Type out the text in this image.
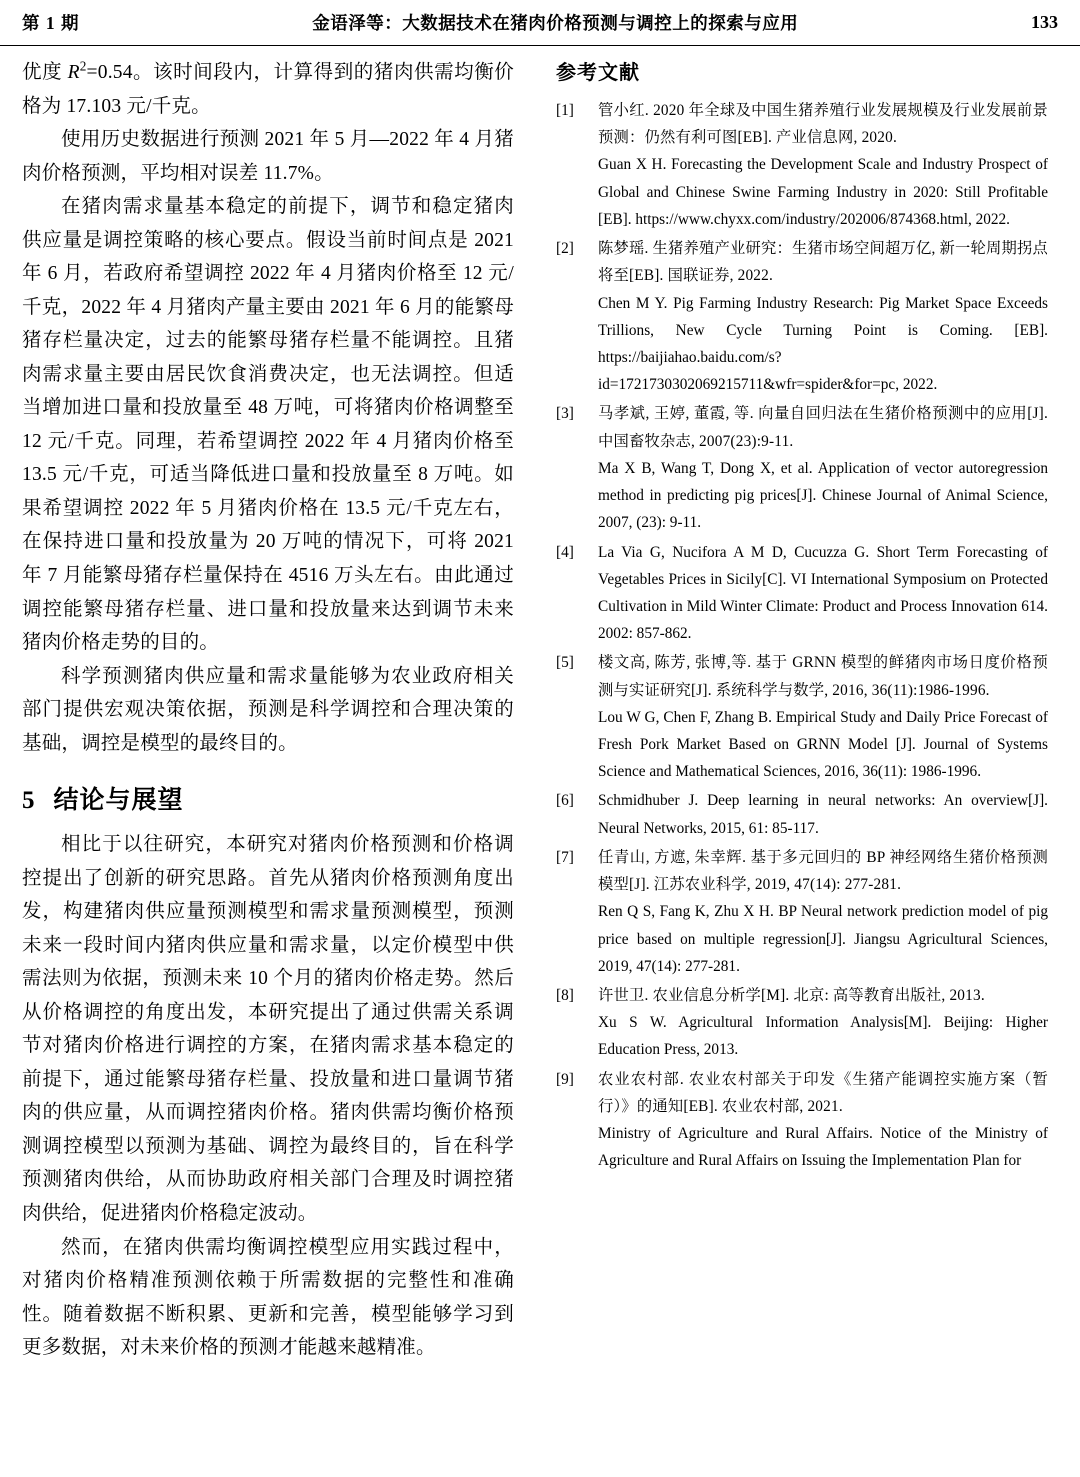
第 1 期	金语泽等：大数据技术在猪肉价格预测与调控上的探索与应用	133

优度 $R^2=0.54$。该时间段内，计算得到的猪肉供需均衡价格为 17.103 元/千克。

使用历史数据进行预测 2021 年 5 月—2022 年 4 月猪肉价格预测，平均相对误差 11.7%。

在猪肉需求量基本稳定的前提下，调节和稳定猪肉供应量是调控策略的核心要点。假设当前时间点是 2021 年 6 月，若政府希望调控 2022 年 4 月猪肉价格至 12 元/千克，2022 年 4 月猪肉产量主要由 2021 年 6 月的能繁母猪存栏量决定，过去的能繁母猪存栏量不能调控。且猪肉需求量主要由居民饮食消费决定，也无法调控。但适当增加进口量和投放量至 48 万吨，可将猪肉价格调整至 12 元/千克。同理，若希望调控 2022 年 4 月猪肉价格至 13.5 元/千克，可适当降低进口量和投放量至 8 万吨。如果希望调控 2022 年 5 月猪肉价格在 13.5 元/千克左右，在保持进口量和投放量为 20 万吨的情况下，可将 2021 年 7 月能繁母猪存栏量保持在 4516 万头左右。由此通过调控能繁母猪存栏量、进口量和投放量来达到调节未来猪肉价格走势的目的。

科学预测猪肉供应量和需求量能够为农业政府相关部门提供宏观决策依据，预测是科学调控和合理决策的基础，调控是模型的最终目的。

5 结论与展望

相比于以往研究，本研究对猪肉价格预测和价格调控提出了创新的研究思路。首先从猪肉价格预测角度出发，构建猪肉供应量预测模型和需求量预测模型，预测未来一段时间内猪肉供应量和需求量，以定价模型中供需法则为依据，预测未来 10 个月的猪肉价格走势。然后从价格调控的角度出发，本研究提出了通过供需关系调节对猪肉价格进行调控的方案，在猪肉需求基本稳定的前提下，通过能繁母猪存栏量、投放量和进口量调节猪肉的供应量，从而调控猪肉价格。猪肉供需均衡价格预测调控模型以预测为基础、调控为最终目的，旨在科学预测猪肉供给，从而协助政府相关部门合理及时调控猪肉供给，促进猪肉价格稳定波动。

然而，在猪肉供需均衡调控模型应用实践过程中，对猪肉价格精准预测依赖于所需数据的完整性和准确性。随着数据不断积累、更新和完善，模型能够学习到更多数据，对未来价格的预测才能越来越精准。

参考文献
[1]	管小红. 2020 年全球及中国生猪养殖行业发展规模及行业发展前景预测：仍然有利可图[EB]. 产业信息网, 2020.
Guan X H. Forecasting the Development Scale and Industry Prospect of Global and Chinese Swine Farming Industry in 2020: Still Profitable [EB]. https://www.chyxx.com/industry/202006/874368.html, 2022.
[2]	陈梦瑶. 生猪养殖产业研究：生猪市场空间超万亿, 新一轮周期拐点将至[EB]. 国联证券, 2022.
Chen M Y. Pig Farming Industry Research: Pig Market Space Exceeds Trillions, New Cycle Turning Point is Coming. [EB]. https://baijiahao.baidu.com/s?id=1721730302069215711&wfr=spider&for=pc, 2022.
[3]	马孝斌, 王婷, 董霞, 等. 向量自回归法在生猪价格预测中的应用[J]. 中国畜牧杂志, 2007(23):9-11.
Ma X B, Wang T, Dong X, et al. Application of vector autoregression method in predicting pig prices[J]. Chinese Journal of Animal Science, 2007, (23): 9-11.
[4]	La Via G, Nucifora A M D, Cucuzza G. Short Term Forecasting of Vegetables Prices in Sicily[C]. VI International Symposium on Protected Cultivation in Mild Winter Climate: Product and Process Innovation 614. 2002: 857-862.
[5]	楼文高, 陈芳, 张博,等. 基于 GRNN 模型的鲜猪肉市场日度价格预测与实证研究[J]. 系统科学与数学, 2016, 36(11):1986-1996.
Lou W G, Chen F, Zhang B. Empirical Study and Daily Price Forecast of Fresh Pork Market Based on GRNN Model [J]. Journal of Systems Science and Mathematical Sciences, 2016, 36(11): 1986-1996.
[6]	Schmidhuber J. Deep learning in neural networks: An overview[J]. Neural Networks, 2015, 61: 85-117.
[7]	任青山, 方遮, 朱幸辉. 基于多元回归的 BP 神经网络生猪价格预测模型[J]. 江苏农业科学, 2019, 47(14): 277-281.
Ren Q S, Fang K, Zhu X H. BP Neural network prediction model of pig price based on multiple regression[J]. Jiangsu Agricultural Sciences, 2019, 47(14): 277-281.
[8]	许世卫. 农业信息分析学[M]. 北京: 高等教育出版社, 2013.
Xu S W. Agricultural Information Analysis[M]. Beijing: Higher Education Press, 2013.
[9]	农业农村部. 农业农村部关于印发《生猪产能调控实施方案（暂行）》的通知[EB]. 农业农村部, 2021.
Ministry of Agriculture and Rural Affairs. Notice of the Ministry of Agriculture and Rural Affairs on Issuing the Implementation Plan for
